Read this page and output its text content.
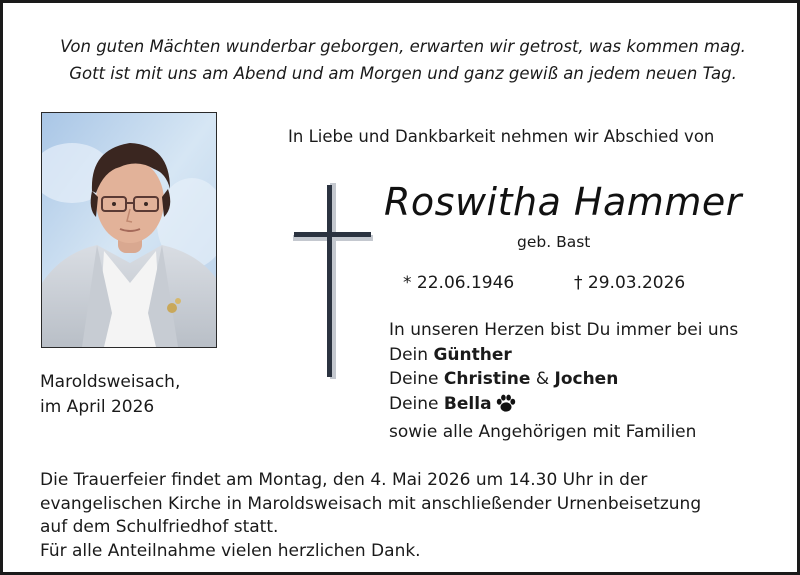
Von guten Mächten wunderbar geborgen, erwarten wir getrost, was kommen mag.
Gott ist mit uns am Abend und am Morgen und ganz gewiß an jedem neuen Tag.
Maroldsweisach,
im April 2026
In Liebe und Dankbarkeit nehmen wir Abschied von
Roswitha Hammer
geb. Bast
* 22.06.1946	† 29.03.2026
In unseren Herzen bist Du immer bei uns
Dein Günther
Deine Christine & Jochen
Deine Bella
sowie alle Angehörigen mit Familien
Die Trauerfeier findet am Montag, den 4. Mai 2026 um 14.30 Uhr in der
evangelischen Kirche in Maroldsweisach mit anschließender Urnenbeisetzung
auf dem Schulfriedhof statt.
Für alle Anteilnahme vielen herzlichen Dank.
